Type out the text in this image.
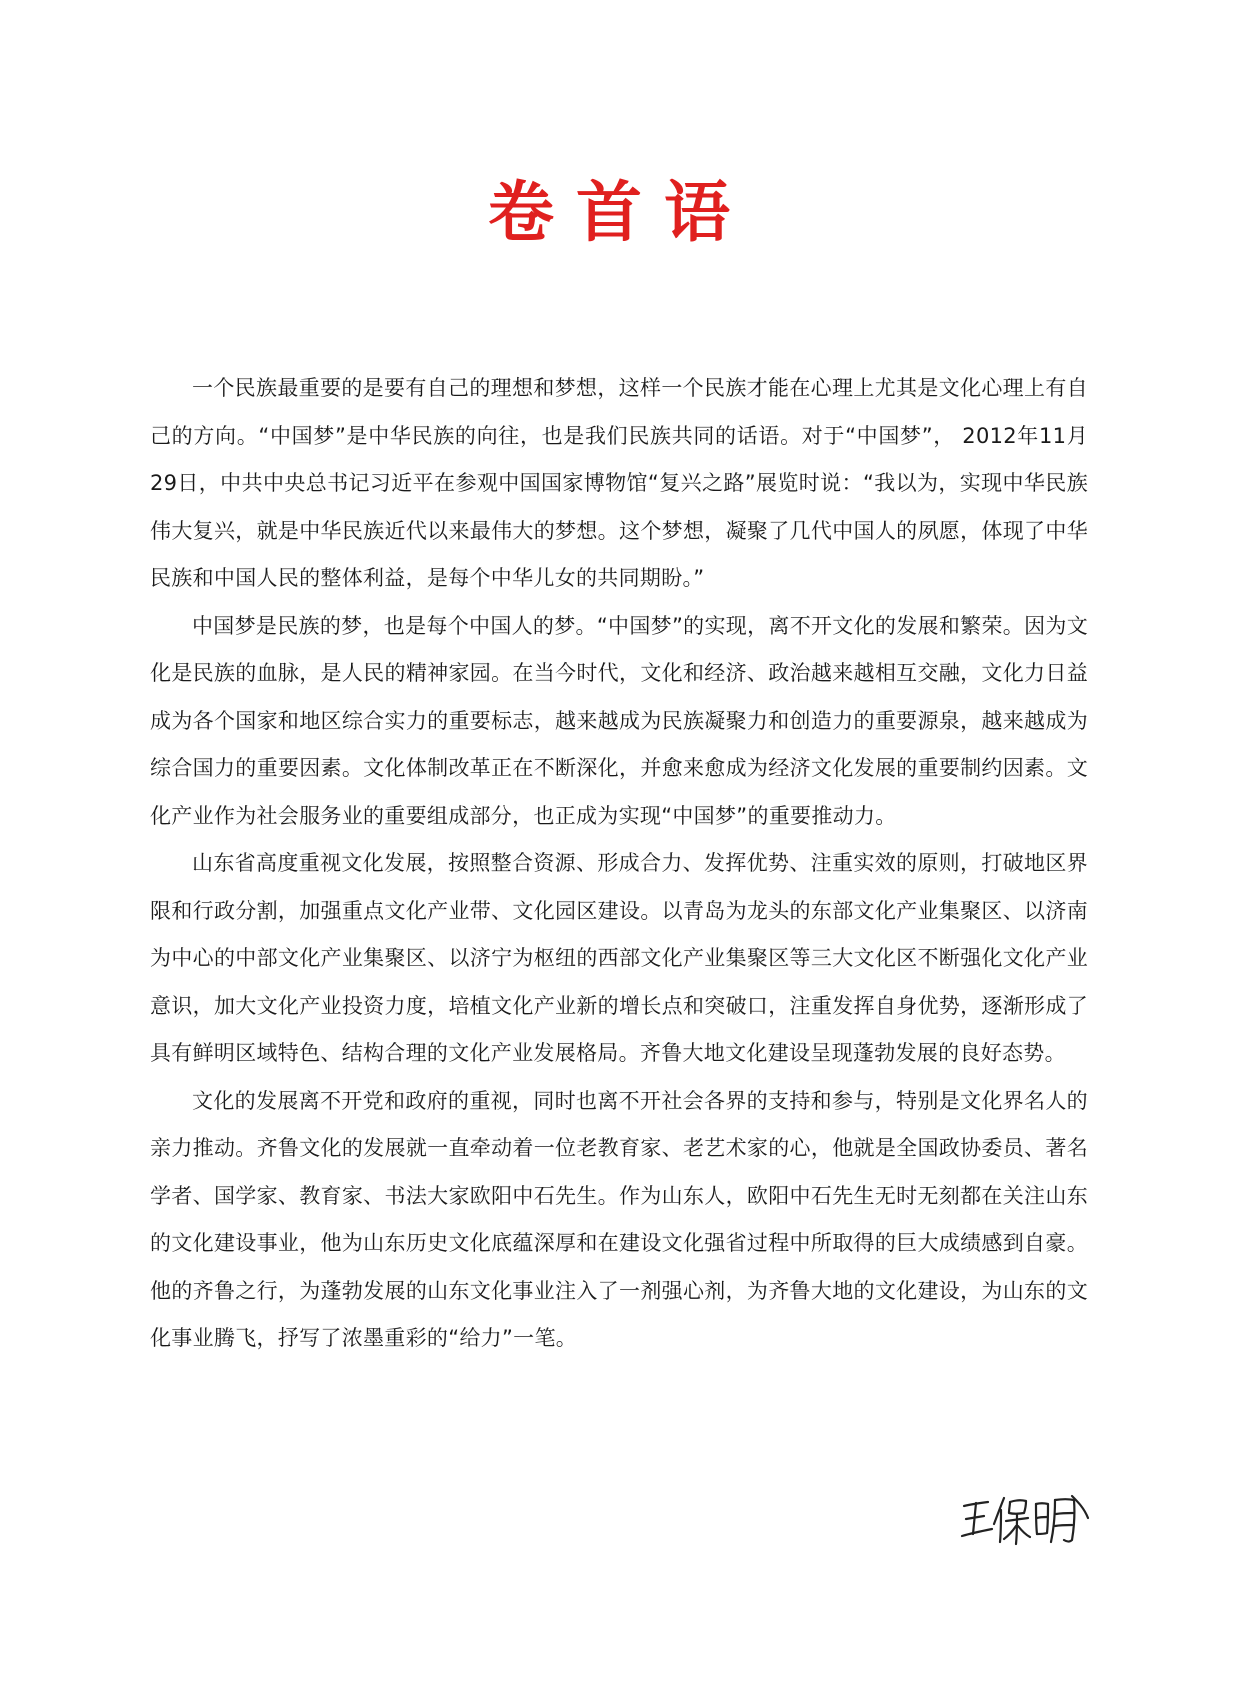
卷首语

一个民族最重要的是要有自己的理想和梦想，这样一个民族才能在心理上尤其是文化心理上有自己的方向。“中国梦”是中华民族的向往，也是我们民族共同的话语。对于“中国梦”， 2012年11月29日，中共中央总书记习近平在参观中国国家博物馆“复兴之路”展览时说：“我以为，实现中华民族伟大复兴，就是中华民族近代以来最伟大的梦想。这个梦想，凝聚了几代中国人的夙愿，体现了中华民族和中国人民的整体利益，是每个中华儿女的共同期盼。”

中国梦是民族的梦，也是每个中国人的梦。“中国梦”的实现，离不开文化的发展和繁荣。因为文化是民族的血脉，是人民的精神家园。在当今时代，文化和经济、政治越来越相互交融，文化力日益成为各个国家和地区综合实力的重要标志，越来越成为民族凝聚力和创造力的重要源泉，越来越成为综合国力的重要因素。文化体制改革正在不断深化，并愈来愈成为经济文化发展的重要制约因素。文化产业作为社会服务业的重要组成部分，也正成为实现“中国梦”的重要推动力。

山东省高度重视文化发展，按照整合资源、形成合力、发挥优势、注重实效的原则，打破地区界限和行政分割，加强重点文化产业带、文化园区建设。以青岛为龙头的东部文化产业集聚区、以济南为中心的中部文化产业集聚区、以济宁为枢纽的西部文化产业集聚区等三大文化区不断强化文化产业意识，加大文化产业投资力度，培植文化产业新的增长点和突破口，注重发挥自身优势，逐渐形成了具有鲜明区域特色、结构合理的文化产业发展格局。齐鲁大地文化建设呈现蓬勃发展的良好态势。

文化的发展离不开党和政府的重视，同时也离不开社会各界的支持和参与，特别是文化界名人的亲力推动。齐鲁文化的发展就一直牵动着一位老教育家、老艺术家的心，他就是全国政协委员、著名学者、国学家、教育家、书法大家欧阳中石先生。作为山东人，欧阳中石先生无时无刻都在关注山东的文化建设事业，他为山东历史文化底蕴深厚和在建设文化强省过程中所取得的巨大成绩感到自豪。他的齐鲁之行，为蓬勃发展的山东文化事业注入了一剂强心剂，为齐鲁大地的文化建设，为山东的文化事业腾飞，抒写了浓墨重彩的“给力”一笔。
